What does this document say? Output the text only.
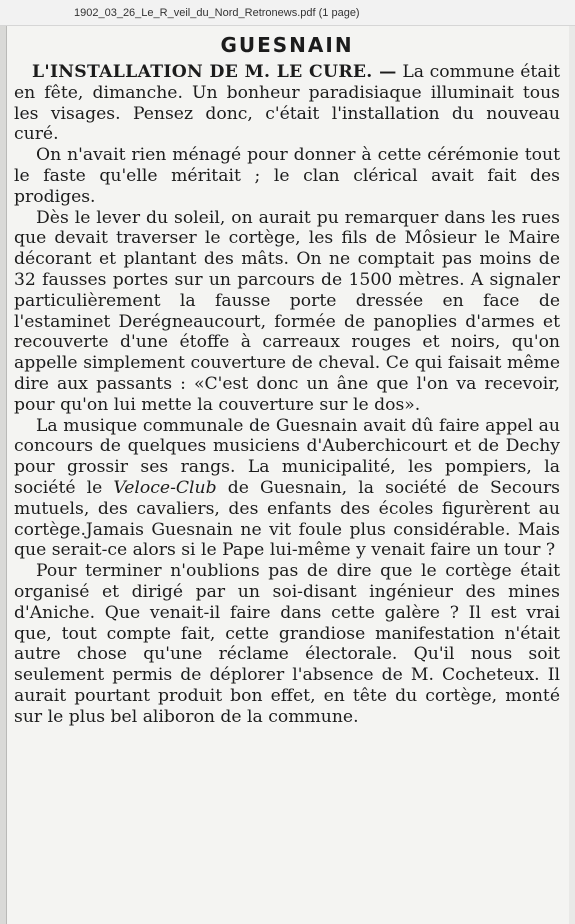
1902_03_26_Le_R_veil_du_Nord_Retronews.pdf (1 page)
GUESNAIN

L'INSTALLATION DE M. LE CURE. — La commune était en fête, dimanche. Un bonheur paradisiaque illuminait tous les visages. Pensez donc, c'était l'installation du nouveau curé.

On n'avait rien ménagé pour donner à cette cérémonie tout le faste qu'elle méritait ; le clan clérical avait fait des prodiges.

Dès le lever du soleil, on aurait pu remarquer dans les rues que devait traverser le cortège, les fils de Môsieur le Maire décorant et plantant des mâts. On ne comptait pas moins de 32 fausses portes sur un parcours de 1500 mètres. A signaler particulièrement la fausse porte dressée en face de l'estaminet Derégneaucourt, formée de panoplies d'armes et recouverte d'une étoffe à carreaux rouges et noirs, qu'on appelle simplement couverture de cheval. Ce qui faisait même dire aux passants : «C'est donc un âne que l'on va recevoir, pour qu'on lui mette la couverture sur le dos».

La musique communale de Guesnain avait dû faire appel au concours de quelques musiciens d'Auberchicourt et de Dechy pour grossir ses rangs. La municipalité, les pompiers, la société le Veloce-Club de Guesnain, la société de Secours mutuels, des cavaliers, des enfants des écoles figurèrent au cortège.Jamais Guesnain ne vit foule plus considérable. Mais que serait-ce alors si le Pape lui-même y venait faire un tour ?

Pour terminer n'oublions pas de dire que le cortège était organisé et dirigé par un soi-disant ingénieur des mines d'Aniche. Que venait-il faire dans cette galère ? Il est vrai que, tout compte fait, cette grandiose manifestation n'était autre chose qu'une réclame électorale. Qu'il nous soit seulement permis de déplorer l'absence de M. Cocheteux. Il aurait pourtant produit bon effet, en tête du cortège, monté sur le plus bel aliboron de la commune.
